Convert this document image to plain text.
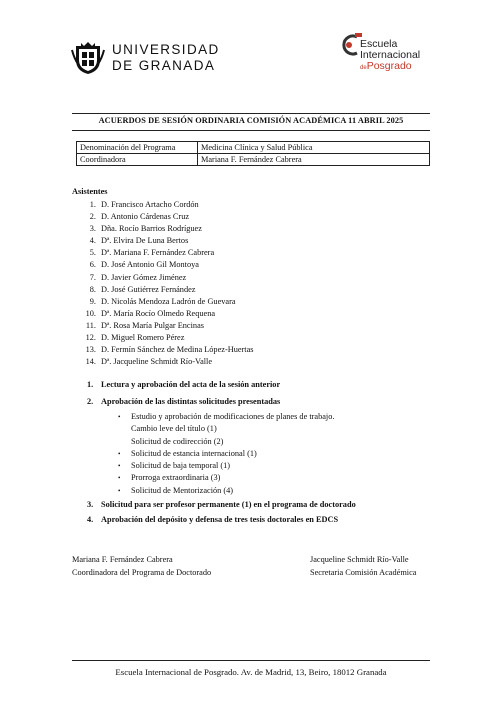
UNIVERSIDAD
DE GRANADA
Escuela
Internacional
dePosgrado
ACUERDOS DE SESIÓN ORDINARIA COMISIÓN ACADÉMICA 11 ABRIL 2025
Denominación del Programa	Medicina Clínica y Salud Pública
Coordinadora	Mariana F. Fernández Cabrera
Asistentes
1. D. Francisco Artacho Cordón
2. D. Antonio Cárdenas Cruz
3. Dña. Rocío Barrios Rodríguez
4. Dª. Elvira De Luna Bertos
5. Dª. Mariana F. Fernández Cabrera
6. D. José Antonio Gil Montoya
7. D. Javier Gómez Jiménez
8. D. José Gutiérrez Fernández
9. D. Nicolás Mendoza Ladrón de Guevara
10. Dª. María Rocío Olmedo Requena
11. Dª. Rosa María Pulgar Encinas
12. D. Miguel Romero Pérez
13. D. Fermín Sánchez de Medina López-Huertas
14. Dª. Jacqueline Schmidt Río-Valle
1. Lectura y aprobación del acta de la sesión anterior
2. Aprobación de las distintas solicitudes presentadas
• Estudio y aprobación de modificaciones de planes de trabajo.
Cambio leve del título (1)
Solicitud de codirección (2)
• Solicitud de estancia internacional (1)
• Solicitud de baja temporal (1)
• Prorroga extraordinaria (3)
• Solicitud de Mentorización (4)
3. Solicitud para ser profesor permanente (1) en el programa de doctorado
4. Aprobación del depósito y defensa de tres tesis doctorales en EDCS
Mariana F. Fernández Cabrera
Coordinadora del Programa de Doctorado
Jacqueline Schmidt Río-Valle
Secretaria Comisión Académica
Escuela Internacional de Posgrado. Av. de Madrid, 13, Beiro, 18012 Granada
